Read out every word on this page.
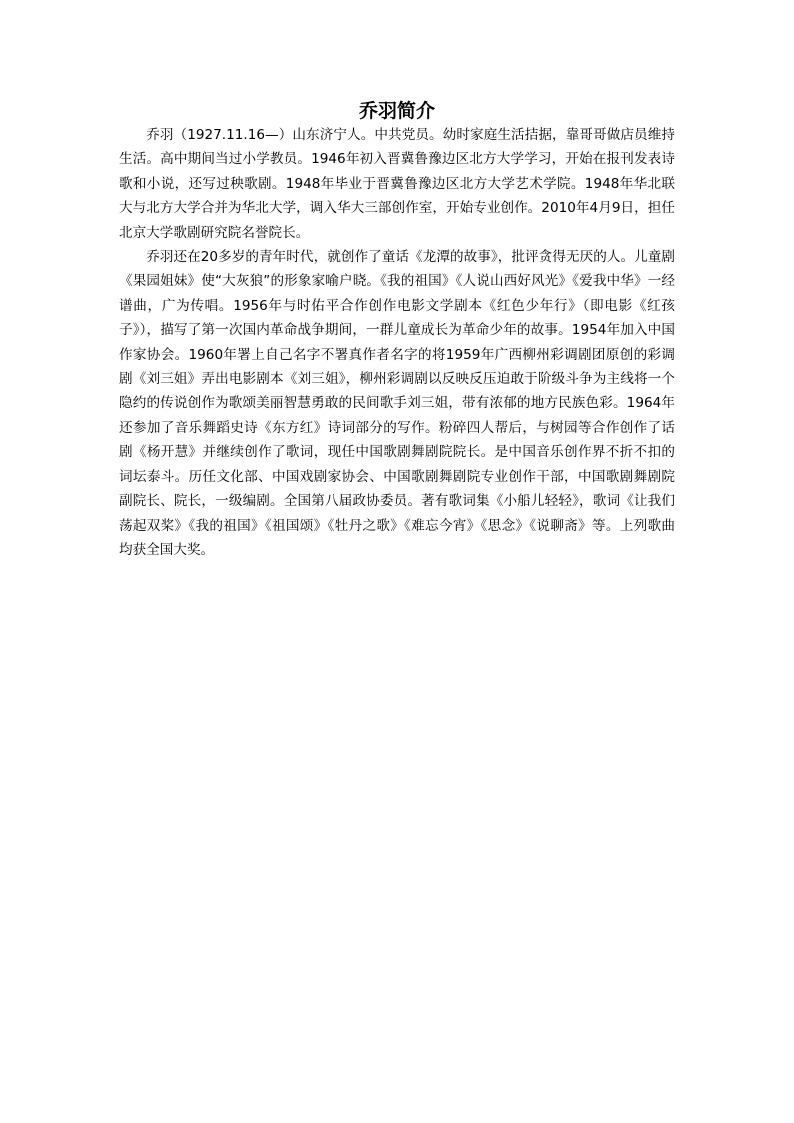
乔羽简介

乔羽（1927.11.16—）山东济宁人。中共党员。幼时家庭生活拮据，靠哥哥做店员维持生活。高中期间当过小学教员。1946年初入晋冀鲁豫边区北方大学学习，开始在报刊发表诗歌和小说，还写过秧歌剧。1948年毕业于晋冀鲁豫边区北方大学艺术学院。1948年华北联大与北方大学合并为华北大学，调入华大三部创作室，开始专业创作。2010年4月9日，担任北京大学歌剧研究院名誉院长。

乔羽还在20多岁的青年时代，就创作了童话《龙潭的故事》，批评贪得无厌的人。儿童剧《果园姐妹》使“大灰狼”的形象家喻户晓。《我的祖国》《人说山西好风光》《爱我中华》一经谱曲，广为传唱。1956年与时佑平合作创作电影文学剧本《红色少年行》（即电影《红孩子》），描写了第一次国内革命战争期间，一群儿童成长为革命少年的故事。1954年加入中国作家协会。1960年署上自己名字不署真作者名字的将1959年广西柳州彩调剧团原创的彩调剧《刘三姐》弄出电影剧本《刘三姐》，柳州彩调剧以反映反压迫敢于阶级斗争为主线将一个隐约的传说创作为歌颂美丽智慧勇敢的民间歌手刘三姐，带有浓郁的地方民族色彩。1964年还参加了音乐舞蹈史诗《东方红》诗词部分的写作。粉碎四人帮后，与树园等合作创作了话剧《杨开慧》并继续创作了歌词，现任中国歌剧舞剧院院长。是中国音乐创作界不折不扣的词坛泰斗。历任文化部、中国戏剧家协会、中国歌剧舞剧院专业创作干部，中国歌剧舞剧院副院长、院长，一级编剧。全国第八届政协委员。著有歌词集《小船儿轻轻》，歌词《让我们荡起双桨》《我的祖国》《祖国颂》《牡丹之歌》《难忘今宵》《思念》《说聊斋》等。上列歌曲均获全国大奖。
